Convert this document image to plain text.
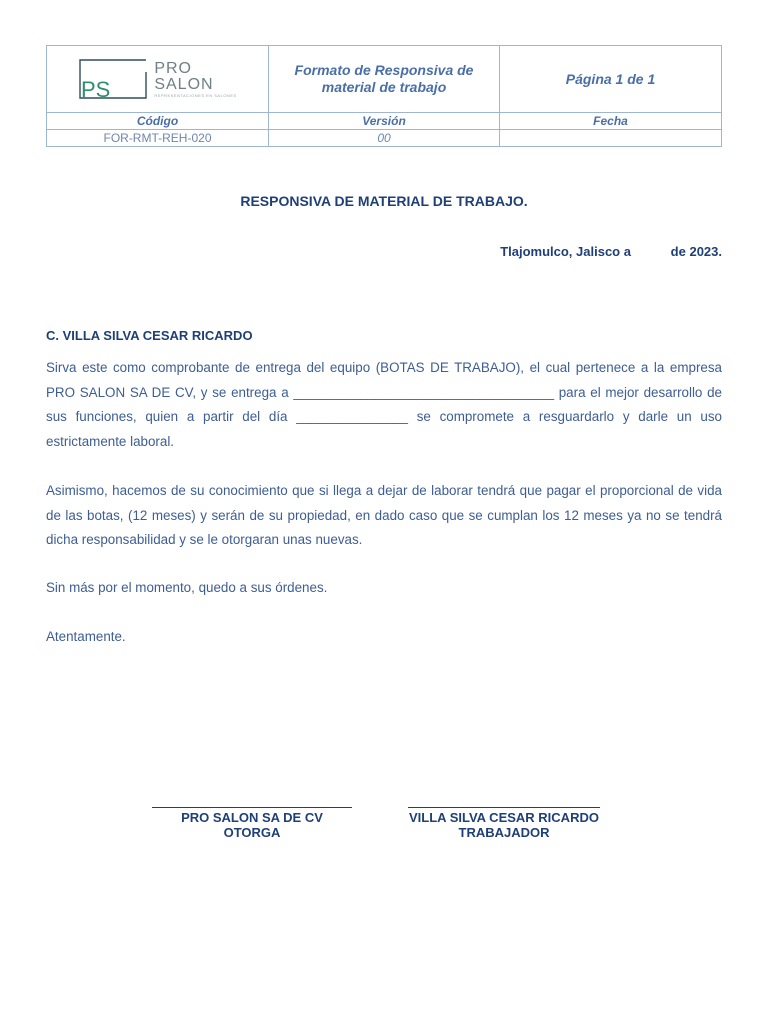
PS
PRO
SALON
REPRESENTACIONES EN SALONES
Formato de Responsiva de material de trabajo
Página 1 de 1
Código	Versión	Fecha
FOR-RMT-REH-020	00
RESPONSIVA DE MATERIAL DE TRABAJO.
Tlajomulco, Jalisco a           de 2023.
C. VILLA SILVA CESAR RICARDO

Sirva este como comprobante de entrega del equipo (BOTAS DE TRABAJO), el cual pertenece a la empresa PRO SALON SA DE CV, y se entrega a ___________________________________ para el mejor desarrollo de sus funciones, quien a partir del día _______________ se compromete a resguardarlo y darle un uso estrictamente laboral.

Asimismo, hacemos de su conocimiento que si llega a dejar de laborar tendrá que pagar el proporcional de vida de las botas, (12 meses) y serán de su propiedad, en dado caso que se cumplan los 12 meses ya no se tendrá dicha responsabilidad y se le otorgaran unas nuevas.

Sin más por el momento, quedo a sus órdenes.

Atentamente.

PRO SALON SA DE CV
OTORGA
VILLA SILVA CESAR RICARDO
TRABAJADOR
